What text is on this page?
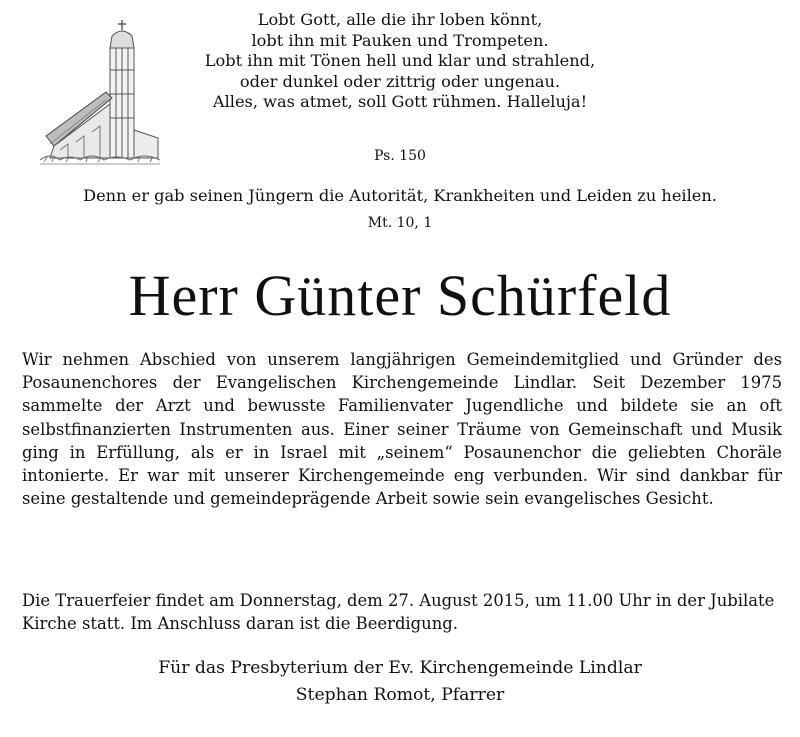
Lobt Gott, alle die ihr loben könnt,
lobt ihn mit Pauken und Trompeten.
Lobt ihn mit Tönen hell und klar und strahlend,
oder dunkel oder zittrig oder ungenau.
Alles, was atmet, soll Gott rühmen. Halleluja!
Ps. 150
Denn er gab seinen Jüngern die Autorität, Krankheiten und Leiden zu heilen.
Mt. 10, 1
Herr Günter Schürfeld

Wir nehmen Abschied von unserem langjährigen Gemeindemitglied und Gründer des Posaunenchores der Evangelischen Kirchengemeinde Lindlar. Seit Dezember 1975 sammelte der Arzt und bewusste Familienvater Jugendliche und bildete sie an oft selbstfinanzierten Instrumenten aus. Einer seiner Träume von Gemeinschaft und Musik ging in Erfüllung, als er in Israel mit „seinem“ Posaunenchor die geliebten Choräle intonierte. Er war mit unserer Kirchengemeinde eng verbunden. Wir sind dankbar für seine gestaltende und gemeindeprägende Arbeit sowie sein evangelisches Gesicht.

Die Trauerfeier findet am Donnerstag, dem 27. August 2015, um 11.00 Uhr in der Jubilate Kirche statt. Im Anschluss daran ist die Beerdigung.

Für das Presbyterium der Ev. Kirchengemeinde Lindlar
Stephan Romot, Pfarrer
